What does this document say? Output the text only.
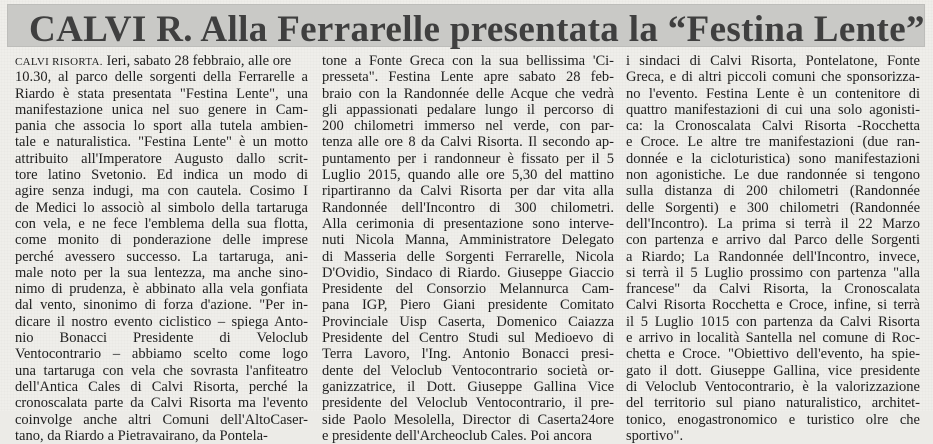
CALVI R. Alla Ferrarelle presentata la “Festina Lente”
CALVI RISORTA. Ieri, sabato 28 febbraio, alle ore
10.30, al parco delle sorgenti della Ferrarelle a
Riardo è stata presentata "Festina Lente", una
manifestazione unica nel suo genere in Cam-
pania che associa lo sport alla tutela ambien-
tale e naturalistica. "Festina Lente" è un motto
attribuito all'Imperatore Augusto dallo scrit-
tore latino Svetonio. Ed indica un modo di
agire senza indugi, ma con cautela. Cosimo I
de Medici lo associò al simbolo della tartaruga
con vela, e ne fece l'emblema della sua flotta,
come monito di ponderazione delle imprese
perché avessero successo. La tartaruga, ani-
male noto per la sua lentezza, ma anche sino-
nimo di prudenza, è abbinato alla vela gonfiata
dal vento, sinonimo di forza d'azione. "Per in-
dicare il nostro evento ciclistico – spiega Anto-
nio Bonacci Presidente di Veloclub
Ventocontrario – abbiamo scelto come logo
una tartaruga con vela che sovrasta l'anfiteatro
dell'Antica Cales di Calvi Risorta, perché la
cronoscalata parte da Calvi Risorta ma l'evento
coinvolge anche altri Comuni dell'AltoCaser-
tano, da Riardo a Pietravairano, da Pontela-
tone a Fonte Greca con la sua bellissima 'Ci-
presseta". Festina Lente apre sabato 28 feb-
braio con la Randonnée delle Acque che vedrà
gli appassionati pedalare lungo il percorso di
200 chilometri immerso nel verde, con par-
tenza alle ore 8 da Calvi Risorta. Il secondo ap-
puntamento per i randonneur è fissato per il 5
Luglio 2015, quando alle ore 5,30 del mattino
ripartiranno da Calvi Risorta per dar vita alla
Randonnée dell'Incontro di 300 chilometri.
Alla cerimonia di presentazione sono interve-
nuti Nicola Manna, Amministratore Delegato
di Masseria delle Sorgenti Ferrarelle, Nicola
D'Ovidio, Sindaco di Riardo. Giuseppe Giaccio
Presidente del Consorzio Melannurca Cam-
pana IGP, Piero Giani presidente Comitato
Provinciale Uisp Caserta, Domenico Caiazza
Presidente del Centro Studi sul Medioevo di
Terra Lavoro, l'Ing. Antonio Bonacci presi-
dente del Veloclub Ventocontrario società or-
ganizzatrice, il Dott. Giuseppe Gallina Vice
presidente del Veloclub Ventocontrario, il pre-
side Paolo Mesolella, Director di Caserta24ore
e presidente dell'Archeoclub Cales. Poi ancora
i sindaci di Calvi Risorta, Pontelatone, Fonte
Greca, e di altri piccoli comuni che sponsorizza-
no l'evento. Festina Lente è un contenitore di
quattro manifestazioni di cui una solo agonisti-
ca: la Cronoscalata Calvi Risorta -Rocchetta
e Croce. Le altre tre manifestazioni (due ran-
donnée e la cicloturistica) sono manifestazioni
non agonistiche. Le due randonnée si tengono
sulla distanza di 200 chilometri (Randonnée
delle Sorgenti) e 300 chilometri (Randonnée
dell'Incontro). La prima si terrà il 22 Marzo
con partenza e arrivo dal Parco delle Sorgenti
a Riardo; La Randonnée dell'Incontro, invece,
si terrà il 5 Luglio prossimo con partenza "alla
francese" da Calvi Risorta, la Cronoscalata
Calvi Risorta Rocchetta e Croce, infine, si terrà
il 5 Luglio 1015 con partenza da Calvi Risorta
e arrivo in località Santella nel comune di Roc-
chetta e Croce. "Obiettivo dell'evento, ha spie-
gato il dott. Giuseppe Gallina, vice presidente
di Veloclub Ventocontrario, è la valorizzazione
del territorio sul piano naturalistico, architet-
tonico, enogastronomico e turistico olre che
sportivo".
